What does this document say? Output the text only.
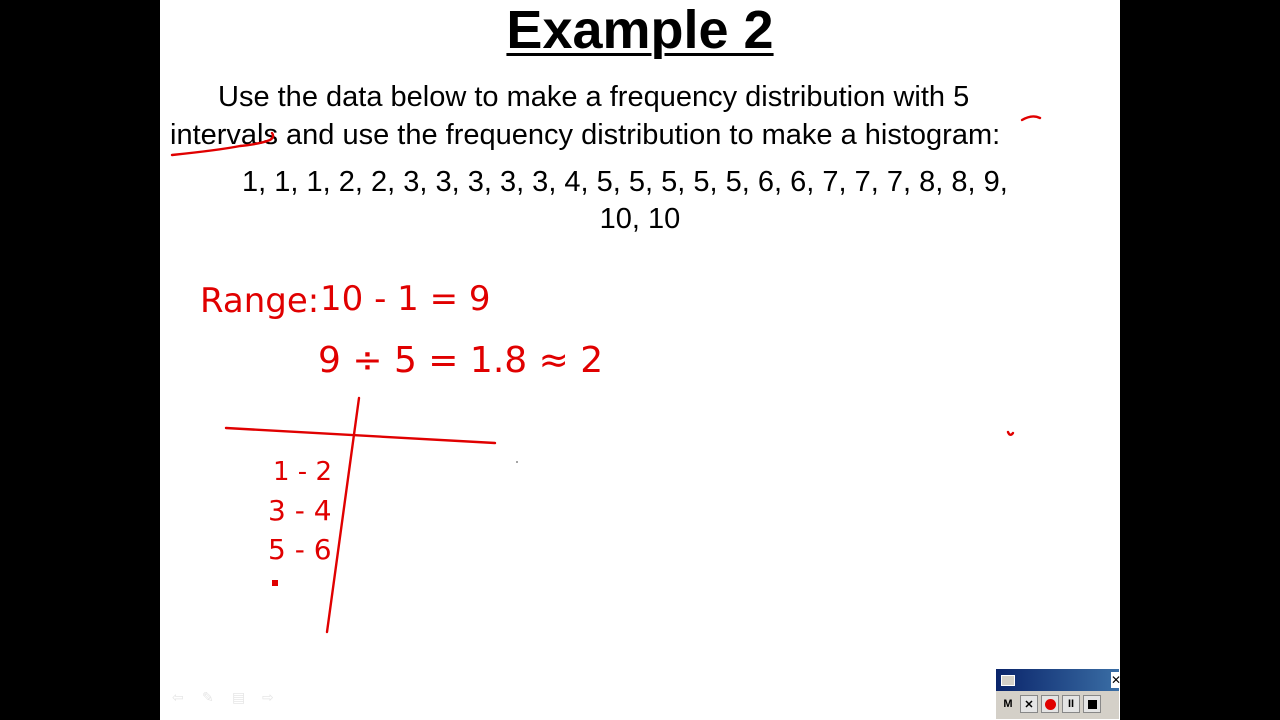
Example 2
Use the data below to make a frequency distribution with 5
intervals and use the frequency distribution to make a histogram:
1, 1, 1, 2, 2, 3, 3, 3, 3, 3, 4, 5, 5, 5, 5, 5, 6, 6, 7, 7, 7, 8, 8, 9,
10, 10
Range: 10 - 1 = 9
9 ÷ 5 = 1.8 ≈ 2
1 - 2
3 - 4
5 - 6
⇦	✎	▤	⇨
✕
M	✕	II
